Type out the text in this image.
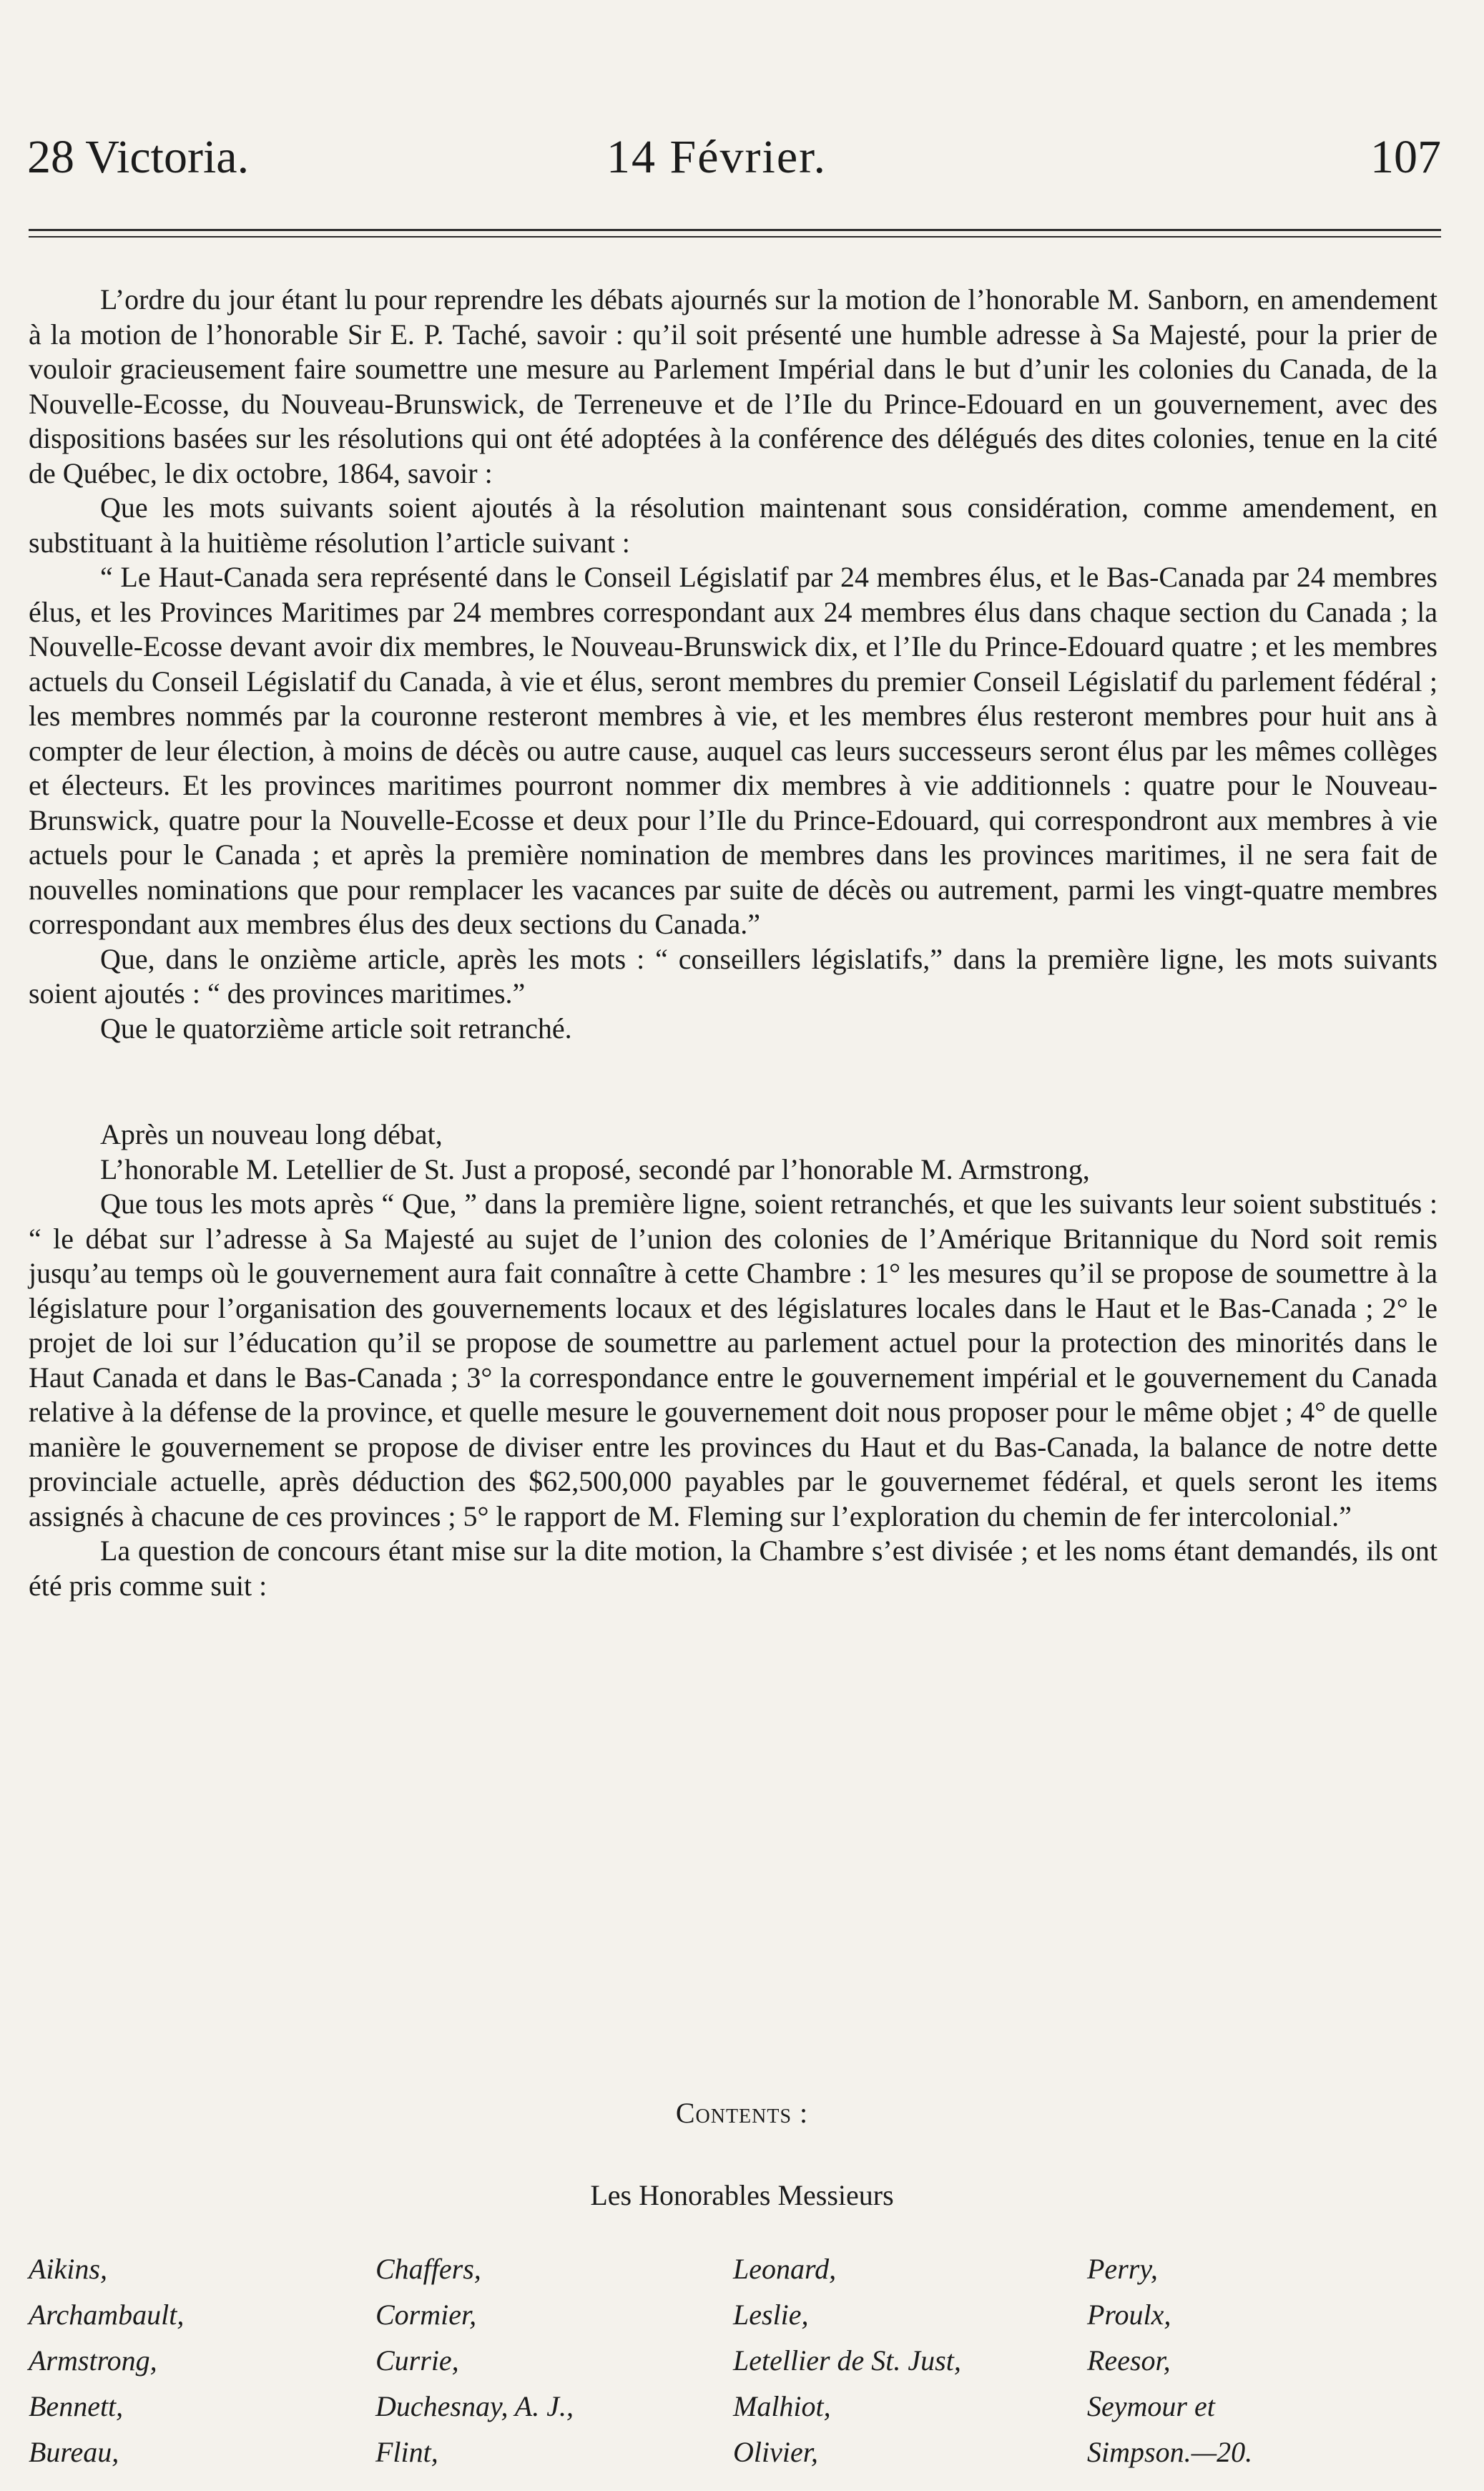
28 Victoria.	14 Février.	107

L’ordre du jour étant lu pour reprendre les débats ajournés sur la motion de l’honorable M. Sanborn, en amendement à la motion de l’honorable Sir E. P. Taché, savoir : qu’il soit présenté une humble adresse à Sa Majesté, pour la prier de vouloir gracieusement faire soumettre une mesure au Parlement Impérial dans le but d’unir les colonies du Canada, de la Nouvelle-Ecosse, du Nouveau-Brunswick, de Terreneuve et de l’Ile du Prince-Edouard en un gouvernement, avec des dispositions basées sur les résolutions qui ont été adoptées à la conférence des délégués des dites colonies, tenue en la cité de Québec, le dix octobre, 1864, savoir :

Que les mots suivants soient ajoutés à la résolution maintenant sous considération, comme amendement, en substituant à la huitième résolution l’article suivant :

“ Le Haut-Canada sera représenté dans le Conseil Législatif par 24 membres élus, et le Bas-Canada par 24 membres élus, et les Provinces Maritimes par 24 membres correspondant aux 24 membres élus dans chaque section du Canada ; la Nouvelle-Ecosse devant avoir dix membres, le Nouveau-Brunswick dix, et l’Ile du Prince-Edouard quatre ; et les membres actuels du Conseil Législatif du Canada, à vie et élus, seront membres du premier Conseil Législatif du parlement fédéral ; les membres nommés par la couronne resteront membres à vie, et les membres élus resteront membres pour huit ans à compter de leur élection, à moins de décès ou autre cause, auquel cas leurs successeurs seront élus par les mêmes collèges et électeurs. Et les provinces maritimes pourront nommer dix membres à vie additionnels : quatre pour le Nouveau-Brunswick, quatre pour la Nouvelle-Ecosse et deux pour l’Ile du Prince-Edouard, qui correspondront aux membres à vie actuels pour le Canada ; et après la première nomination de membres dans les provinces maritimes, il ne sera fait de nouvelles nominations que pour remplacer les vacances par suite de décès ou autrement, parmi les vingt-quatre membres correspondant aux membres élus des deux sections du Canada.”

Que, dans le onzième article, après les mots : “ conseillers législatifs,” dans la première ligne, les mots suivants soient ajoutés : “ des provinces maritimes.”

Que le quatorzième article soit retranché.

Après un nouveau long débat,

L’honorable M. Letellier de St. Just a proposé, secondé par l’honorable M. Armstrong,

Que tous les mots après “ Que, ” dans la première ligne, soient retranchés, et que les suivants leur soient substitués : “ le débat sur l’adresse à Sa Majesté au sujet de l’union des colonies de l’Amérique Britannique du Nord soit remis jusqu’au temps où le gouvernement aura fait connaître à cette Chambre : 1° les mesures qu’il se propose de soumettre à la législature pour l’organisation des gouvernements locaux et des législatures locales dans le Haut et le Bas-Canada ; 2° le projet de loi sur l’éducation qu’il se propose de soumettre au parlement actuel pour la protection des minorités dans le Haut Canada et dans le Bas-Canada ; 3° la correspondance entre le gouvernement impérial et le gouvernement du Canada relative à la défense de la province, et quelle mesure le gouvernement doit nous proposer pour le même objet ; 4° de quelle manière le gouvernement se propose de diviser entre les provinces du Haut et du Bas-Canada, la balance de notre dette provinciale actuelle, après déduction des $62,500,000 payables par le gouvernemet fédéral, et quels seront les items assignés à chacune de ces provinces ; 5° le rapport de M. Fleming sur l’exploration du chemin de fer intercolonial.”

La question de concours étant mise sur la dite motion, la Chambre s’est divisée ; et les noms étant demandés, ils ont été pris comme suit :

Contents :
Les Honorables Messieurs
Aikins,
Archambault,
Armstrong,
Bennett,
Bureau,
Chaffers,
Cormier,
Currie,
Duchesnay, A. J.,
Flint,
Leonard,
Leslie,
Letellier de St. Just,
Malhiot,
Olivier,
Perry,
Proulx,
Reesor,
Seymour et
Simpson.—20.
